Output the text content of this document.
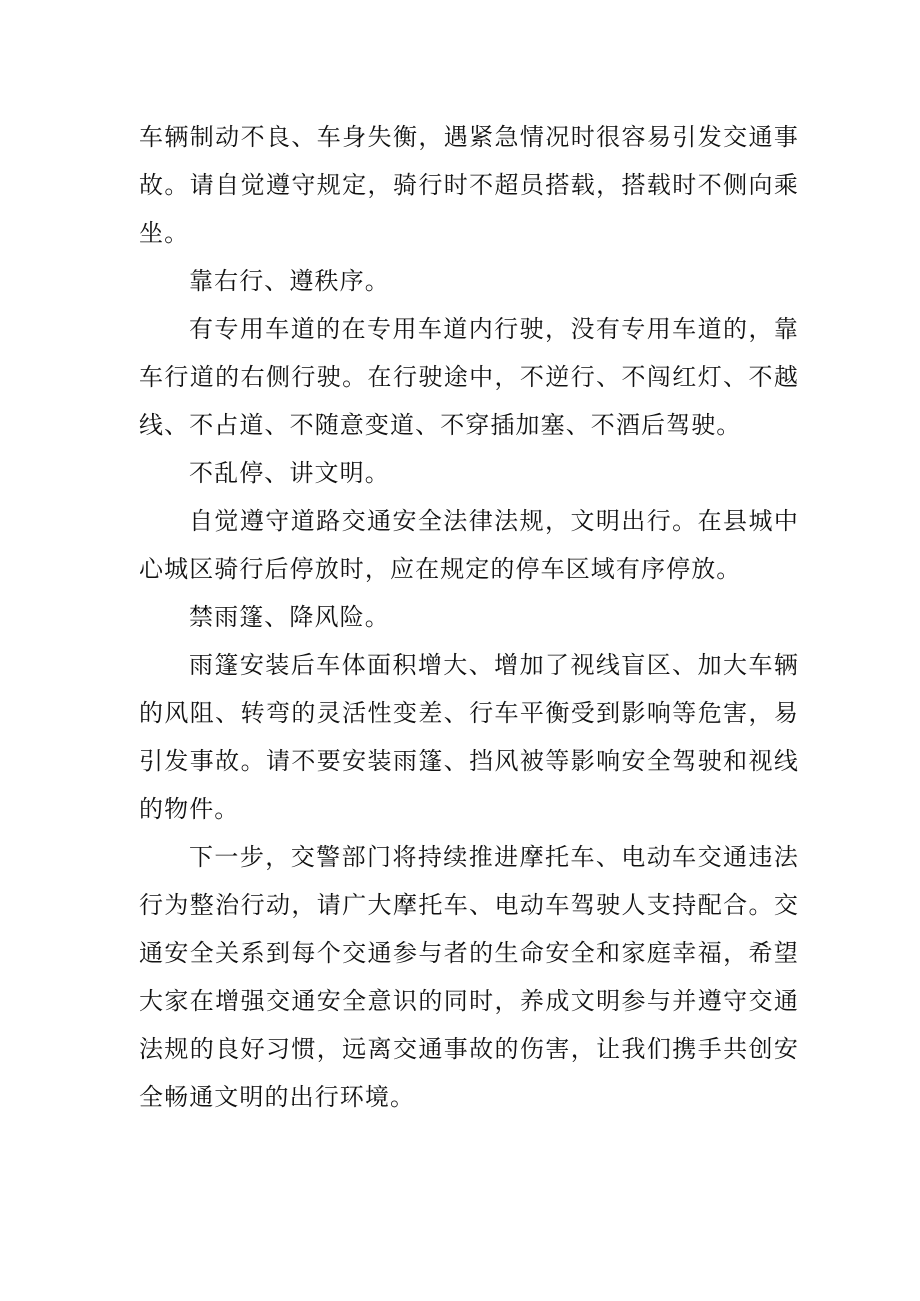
车辆制动不良、车身失衡，遇紧急情况时很容易引发交通事故。请自觉遵守规定，骑行时不超员搭载，搭载时不侧向乘坐。

靠右行、遵秩序。

有专用车道的在专用车道内行驶，没有专用车道的，靠车行道的右侧行驶。在行驶途中，不逆行、不闯红灯、不越线、不占道、不随意变道、不穿插加塞、不酒后驾驶。

不乱停、讲文明。

自觉遵守道路交通安全法律法规，文明出行。在县城中心城区骑行后停放时，应在规定的停车区域有序停放。

禁雨篷、降风险。

雨篷安装后车体面积增大、增加了视线盲区、加大车辆的风阻、转弯的灵活性变差、行车平衡受到影响等危害，易引发事故。请不要安装雨篷、挡风被等影响安全驾驶和视线的物件。

下一步，交警部门将持续推进摩托车、电动车交通违法行为整治行动，请广大摩托车、电动车驾驶人支持配合。交通安全关系到每个交通参与者的生命安全和家庭幸福，希望大家在增强交通安全意识的同时，养成文明参与并遵守交通法规的良好习惯，远离交通事故的伤害，让我们携手共创安全畅通文明的出行环境。
